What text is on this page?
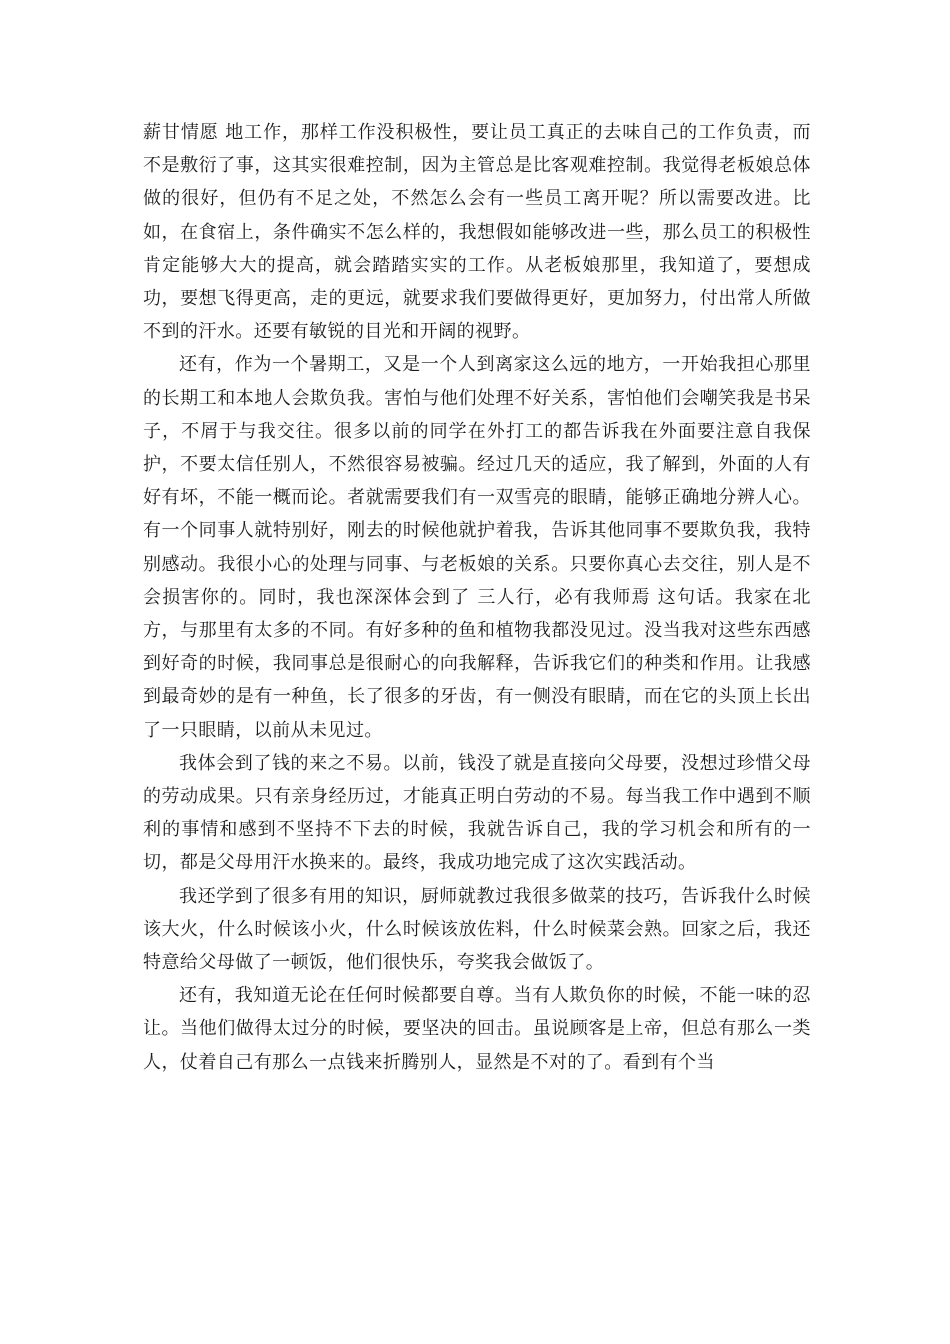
薪甘情愿 地工作，那样工作没积极性，要让员工真正的去味自己的工作负责，而不是敷衍了事，这其实很难控制，因为主管总是比客观难控制。我觉得老板娘总体做的很好，但仍有不足之处，不然怎么会有一些员工离开呢？所以需要改进。比如，在食宿上，条件确实不怎么样的，我想假如能够改进一些，那么员工的积极性肯定能够大大的提高，就会踏踏实实的工作。从老板娘那里，我知道了，要想成功，要想飞得更高，走的更远，就要求我们要做得更好，更加努力，付出常人所做不到的汗水。还要有敏锐的目光和开阔的视野。

还有，作为一个暑期工，又是一个人到离家这么远的地方，一开始我担心那里的长期工和本地人会欺负我。害怕与他们处理不好关系，害怕他们会嘲笑我是书呆子，不屑于与我交往。很多以前的同学在外打工的都告诉我在外面要注意自我保护，不要太信任别人，不然很容易被骗。经过几天的适应，我了解到，外面的人有好有坏，不能一概而论。者就需要我们有一双雪亮的眼睛，能够正确地分辨人心。有一个同事人就特别好，刚去的时候他就护着我，告诉其他同事不要欺负我，我特别感动。我很小心的处理与同事、与老板娘的关系。只要你真心去交往，别人是不会损害你的。同时，我也深深体会到了 三人行，必有我师焉 这句话。我家在北方，与那里有太多的不同。有好多种的鱼和植物我都没见过。没当我对这些东西感到好奇的时候，我同事总是很耐心的向我解释，告诉我它们的种类和作用。让我感到最奇妙的是有一种鱼，长了很多的牙齿，有一侧没有眼睛，而在它的头顶上长出了一只眼睛，以前从未见过。

我体会到了钱的来之不易。以前，钱没了就是直接向父母要，没想过珍惜父母的劳动成果。只有亲身经历过，才能真正明白劳动的不易。每当我工作中遇到不顺利的事情和感到不坚持不下去的时候，我就告诉自己，我的学习机会和所有的一切，都是父母用汗水换来的。最终，我成功地完成了这次实践活动。

我还学到了很多有用的知识，厨师就教过我很多做菜的技巧，告诉我什么时候该大火，什么时候该小火，什么时候该放佐料，什么时候菜会熟。回家之后，我还特意给父母做了一顿饭，他们很快乐，夸奖我会做饭了。

还有，我知道无论在任何时候都要自尊。当有人欺负你的时候，不能一味的忍让。当他们做得太过分的时候，要坚决的回击。虽说顾客是上帝，但总有那么一类人，仗着自己有那么一点钱来折腾别人，显然是不对的了。看到有个当
